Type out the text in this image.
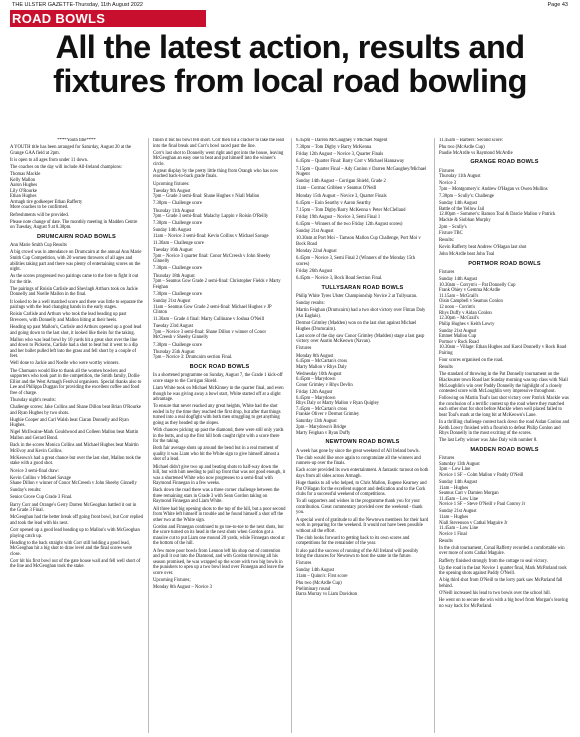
THE ULSTER GAZETTE-Thursday, 11th August 2022	Page 43
ROAD BOWLS
All the latest action, results and fixtures from local road bowling

****Youth title****

A YOUTH title has been arranged for Saturday, August 20 at the Grange GAA field at 2pm.

It is open to all ages from under 11 down.

The coaches on the day will include All-Ireland champions:

Thomas Mackle

Kelly Mallon

Aaron Hughes

Lily O'Rourke

Ethan Hughes

Armagh tire godkeeper Ethan Rafferty

More coaches to be confirmed.

Refreshments will be provided.

Please note change of date. The monthly meeting in Madden Centre on Tuesday, August 9 at 8.30pm.

DRUMCAIRN ROAD BOWLS

Ann Marie Smith Cup Results

A big crowd was in attendance on Drumcairn at the annual Ann Marie Smith Cup Competition, with 20 women throwers of all ages and abilities taking part and there was plenty of entertaining scores on the night.

As the scores progressed two pairings came to the fore to fight it out for the title.

The pairings of Roisin Carlisle and Shevlagh Arthurs took on Jackie Donnelly and Noelle Mallon in the final.

It looked to be a well matched score and there was little to separate the pairings with the lead changing hands in the early stages.

Roisin Carlisle and Arthurs who took the lead heading up past Brevoers, with Donnelly and Mallon biting at their heels.

Heading up past Mallon's, Carlisle and Arthurs opened up a good lead and going down to the last shot, it looked like theirs for the taking.

Mallon who was lead bowl by 10 yards hit a great shot over the line and down to Pickerns, Carlisle had a shot to beat but it went to a dip and her bullet pulled left into the grass and fell short by a couple of feet.

Well done to Jackie and Noelle who were worthy winners.

The Chomann would like to thank all the women bowlers and supporters who took part in the competition, the Smith family, Dollie Elliot and the West Armagh Festival organisers. Special thanks also to Lee and Philippa Duggan for providing the excellent coffee and food free of charge.

Thursday night's results:

Challenge scores: Jake Collins and Shane Dillon beat Brian O'Rourke and Ryan Hughes by two shots.

Hughie Cooper and Carl Walsh beat Ciaran Donnelly and Ryan Hughes.

Nigel McIlwaine-Mark Gouldwood and Colleen Mallon beat Martin Mallon and Gerard Bond.

Back in the scores Monica Collins and Michael Hughes beat Mairtin McEvoy and Kevin Collins.

McKeown's had a great chance but over the last shot, Mallon took the stake with a good shot.

Novice 3 semi-final draw:

Kevin Collins v Michael Savage

Shane Dillon v winner of Conor McCreesh v John Sheehy Ginnelly

Sunday's results:

Senior Grove Cup Grade 3 Final.

Barry Corr and Orange's Gerry Darren McGeoghan battled it out in the Grade 3 Final.

McGeoghan had the better break off going front bowl, but Corr replied and took the lead with his next.

Corr opened up a good lead heading up to Mallon's with McGeoghan playing catch up.

Heading to the back straight with Corr still holding a good lead, McGeoghan hit a big shot to draw level and the final scores were close.

Corr hit his first bowl out of the gate house wall and fell well short of the line and McGeoghan took the stake.

finish it but his bowl fell short. Corr then hit a cracker to take the lead into the final break and Corr's bowl raced past the line.

Corr's last shot to Donnelly went right and got into the house, leaving McGeoghan an easy one to beat and put himself into the winner's circle.

A great display by the pretty little thing from Orangh who has now reached back-to-back grade finals.

Upcoming fixtures:

Tuesday 9th August

7pm – Grade 3 semi-final: Shane Hughes v Niall Mallon

7.30pm – Challenge score

Thursday 11th August

7pm – Grade 3 semi-final: Malachy Lappin v Roisin O'Reilly

7.30pm – Challenge score

Sunday 14th August

11am – Novice 3 semi-final: Kevin Collins v Michael Savage

11.30am – Challenge score

Tuesday 16th August

7pm – Novice 3 quarter final: Conor McCreesh v John Sheehy Ginnelly

7.30pm – Challenge score

Thursday 18th August

7pm – Seamus Gow Grade 2 semi-final: Christopher Fields v Marty Feighan

7.30pm – Challenge score

Sunday 21st August

11am – Seamus Gow Grade 2 semi-final: Michael Hughes v JP Clinton

11.30am – Grade 4 final: Marty Cullinane v Joshua O'Neill

Tuesday 23rd August

7pm – Novice 3 semi-final: Shane Dillon v winner of Conor McCreesh v Sheehy Ginnelly

7.30pm – Challenge score

Thursday 25th August

7pm – Novice 3: Drumcairn section Final.

BOCK ROAD BOWLS

In a shortened programme on Sunday, August 7, the Grade 1 kick-off score stage to the Corrigan Shield.

Liam White took on Michael McKinney in the quarter final, and even though he was giving away a bowl start, White started off at a slight advantage.

To ensure that never reached any great heights, White had the shot ended in by the time they reached the first drop, but after that things turned into a real dogfight with both men struggling to get anything going as they headed up the slopes.

With chances picking up past the diamond, there were still only yards in the butts, and up the first hill both caught right with a score there for the taking.

Both fair average shots up around the bend but in a real moment of quality it was Liam who hit the White sign to give himself almost a shot of a lead.

Michael didn't give two up and beating shots to half-way down the hill, but with him needing to pull up front that was not good enough, it was a shortened White who now progresses to a semi-final with Raymond Finnegan in a few weeks.

Back down the road there was a three corner challenge between the three remaining stars in Grade 3 with Sean Gordon taking on Raymond Finnegan and Liam White.

All three had big opening shots to the top of the hill, but a poor second from White left himself in trouble and he found himself a shot off the other two at the White sign.

Gordon and Finnegan continued to go toe-to-toe to the next shots, but the score turned on its head in the next shots when Gordon got a massive cut to put Liam one mound 20 yards, while Finnegan stood at the bottom of the hill.

A few more poor bowls from Lennon left his shop out of contention and pull it out into the Diamond, and with Gordon throwing all his season promised, he was wrapped up the score with two big bowls in the punishers to open up a two bowl lead over Finnegan and leave the score over.

Upcoming Fixtures;

Monday 8th August – Novice 3

6.45pm – Darren McGaughey v Michael Nugent

7.30pm – Tom Digby v Barry McKenna

Friday 12th August – Novice 3, Quarter Finals

6.45pm – Quarter Final: Barry Corr v Michael Hannaway

7.15pm – Quarter Final – Ady Conlon v Darren McGaughey/Michael Nugent

Sunday 14th August – Corrigan Shield, Grade 2

11am – Cormac Gribben v Seamus O'Neill

Monday 15th August – Novice 3, Quarter Finals

6.45pm – Eoin Searthy v Aaron Searthy

7.15pm – Tom Digby/Barry McKenna v Peter McClelland

Friday 19th August – Novice 3, Semi Final 1

6.45pm – Winners of the two Friday 12th August scores)

Sunday 21st August

10.30am at Port Moi – Tamson Mallon Cup Challenge, Port Moi v Bock Road

Monday 22nd August

6.45pm – Novice 3, Semi Final 2 (Winners of the Monday 15th scores)

Friday 26th August

6.45pm – Novice 3, Bock Road Section Final.

TULLYSARAN ROAD BOWLS

Philip White Tyres Ulster Championship Novice 2 at Tullysaran.

Sunday results:

Martin Feighan (Drumcairn) had a two shot victory over Fintan Daly (An Eaglais).

Dermot Grimley (Madden) won on the last shot against Michael Hughes (Drumcairn).

Last score of the day saw Conor Grimley (Madden) stage a last gasp victory over Austin McKeown (Navan).

Fixtures

Monday 8th August

6.45pm – McCartan's cross

Marty Mallon v Rhys Daly

Wednesday 10th August

6.45pm – Marydown

Conor Grimley v Rhys Devlin

Friday 12th August

6.45pm – Marydown

Rhys Daly or Marty Mallon v Ryan Quigley

7.45pm – McCartan's cross

Frankie Oliver v Dermot Grimley

Saturday 13th August

2pm – Marydown's Bridge

Marty Feighan v Ryan Duffy

NEWTOWN ROAD BOWLS

A week has gone by since the great weekend of All Ireland bowls.

The club would like once again to congratulate all the winners and runners-up over the finals.

Each score provided its own entertainment. A fantastic turnout on both days from all sides across Armagh.

Huge thanks to all who helped, to Chris Mallon, Eugene Kearney and Pat O'Hagan for the excellent support and dedication and to the Cork clubs for a successful weekend of competitions.

To all supporters and wishes in the programme thank you for your contribution. Great commentary provided over the weekend - thank you.

A special word of gratitude to all the Newtown members for their hard work in preparing for the weekend. It would not have been possible without all the effort.

The club looks forward to getting back to its own scores and competitions for the remainder of the year.

It also paid the success of running of the All Ireland will possibly bring the chances for Newtown to host the same in the future.

Fixtures

Sunday 14th August

11am – Quinn's: First score

Phu two (McArdle Cup)

Preliminary round

Barra Murray vs Liam Davidson

11.45am – Barbers: Second score:

Phu two (McArdle Cup)

Paudie McArdle vs Raymond McArdle

GRANGE ROAD BOWLS

Fixtures

Thursday 11th August

Novice 3

7pm – Montgomery's: Andrew O'Hagan vs Owen Mullins

7.30pm – Scully's: Challenge

Sunday 14th August

Battle of the Yellow Jail

12.00pm – Sommer's: Ramon Toal & Darcie Mallon v Patrick Mackle & Siobhan Murphy

2pm – Scully's

Fixture TBC

Results:

Kevin Rafferty beat Andrew O'Hagan last shot

John McArdle beat John Toal

PORTMOR ROAD BOWLS

Fixtures

Sunday 14th August

10.30am – Corrym's – Pat Donnelly Cup

Frank Ohiey v Gemma McArdle

11.15am – McGrail's

Oisin Campbell v Seamus Conlon

12 noon – Corrim's

Rhys Duffy v Aidan Conlon

12.30pm – McGrail's

Philip Hughes v Keith Lowry

Sunday 21st August

Emmet Mallon Cup

Portnor v Rock Road

10.30am – Village: Ethan Hughes and Karol Donnelly v Rock Road Pairing

Four scores organised on the road.

Results

The standard of throwing in the Pat Donnelly tournament on the Blackwater town Road last Sunday morning was top class with Niall McLoughlin's win over Paddy Donnelly the highlight of a closely contested score with McLoughlin very impressive throughout.

Following on Martin Toal's last shot victory over Patrick Mackle was the conclusion of a terrific contest up the road where they matched each other shot for shot before Mackle when well placed failed to beat Toal's mark at the long bit at McKeown's Lane.

In a thrilling challenge contest back down the road Aidan Conlon and Keith Lowry finished with a flourish to defeat Philip Conlon and Rhys Donnelly in the most exciting of the scores.

The last Lefty winner was Jake Daly with number 8.

MADDEN ROAD BOWLS

Fixtures

Saturday 13th August

3pm – Low Line

Novice 1 SF – Colm Mallon v Paddy O'Neill

Sunday 14th August

11am – Hughes

Seamus Carr v Damien Morgan

11.45am – Low Line

Novice 1 SF – Steve O'Neill v Paul Conroy Jr

Sunday 21st August

11am – Hughes

Niall Stevenson v Cathal Maguire Jr

11.45am – Low Line

Novice 1 Final

Results

In the club tournament, Conal Rafferty recorded a comfortable win over more of sorts Cathal Maguire.

Rafferty finished strongly from the cottage to seal victory.

Up the road in the last Novice 1 quarter final, Mark McParland took the opening shots against Paddy O'Neill.

A big third shot from O'Neill to the lorry park saw McParland fall behind.

O'Neill increased his lead to two bowls over the school hill.

He went on to secure the win with a big bowl from Morgan's leaving no way back for McParland.
